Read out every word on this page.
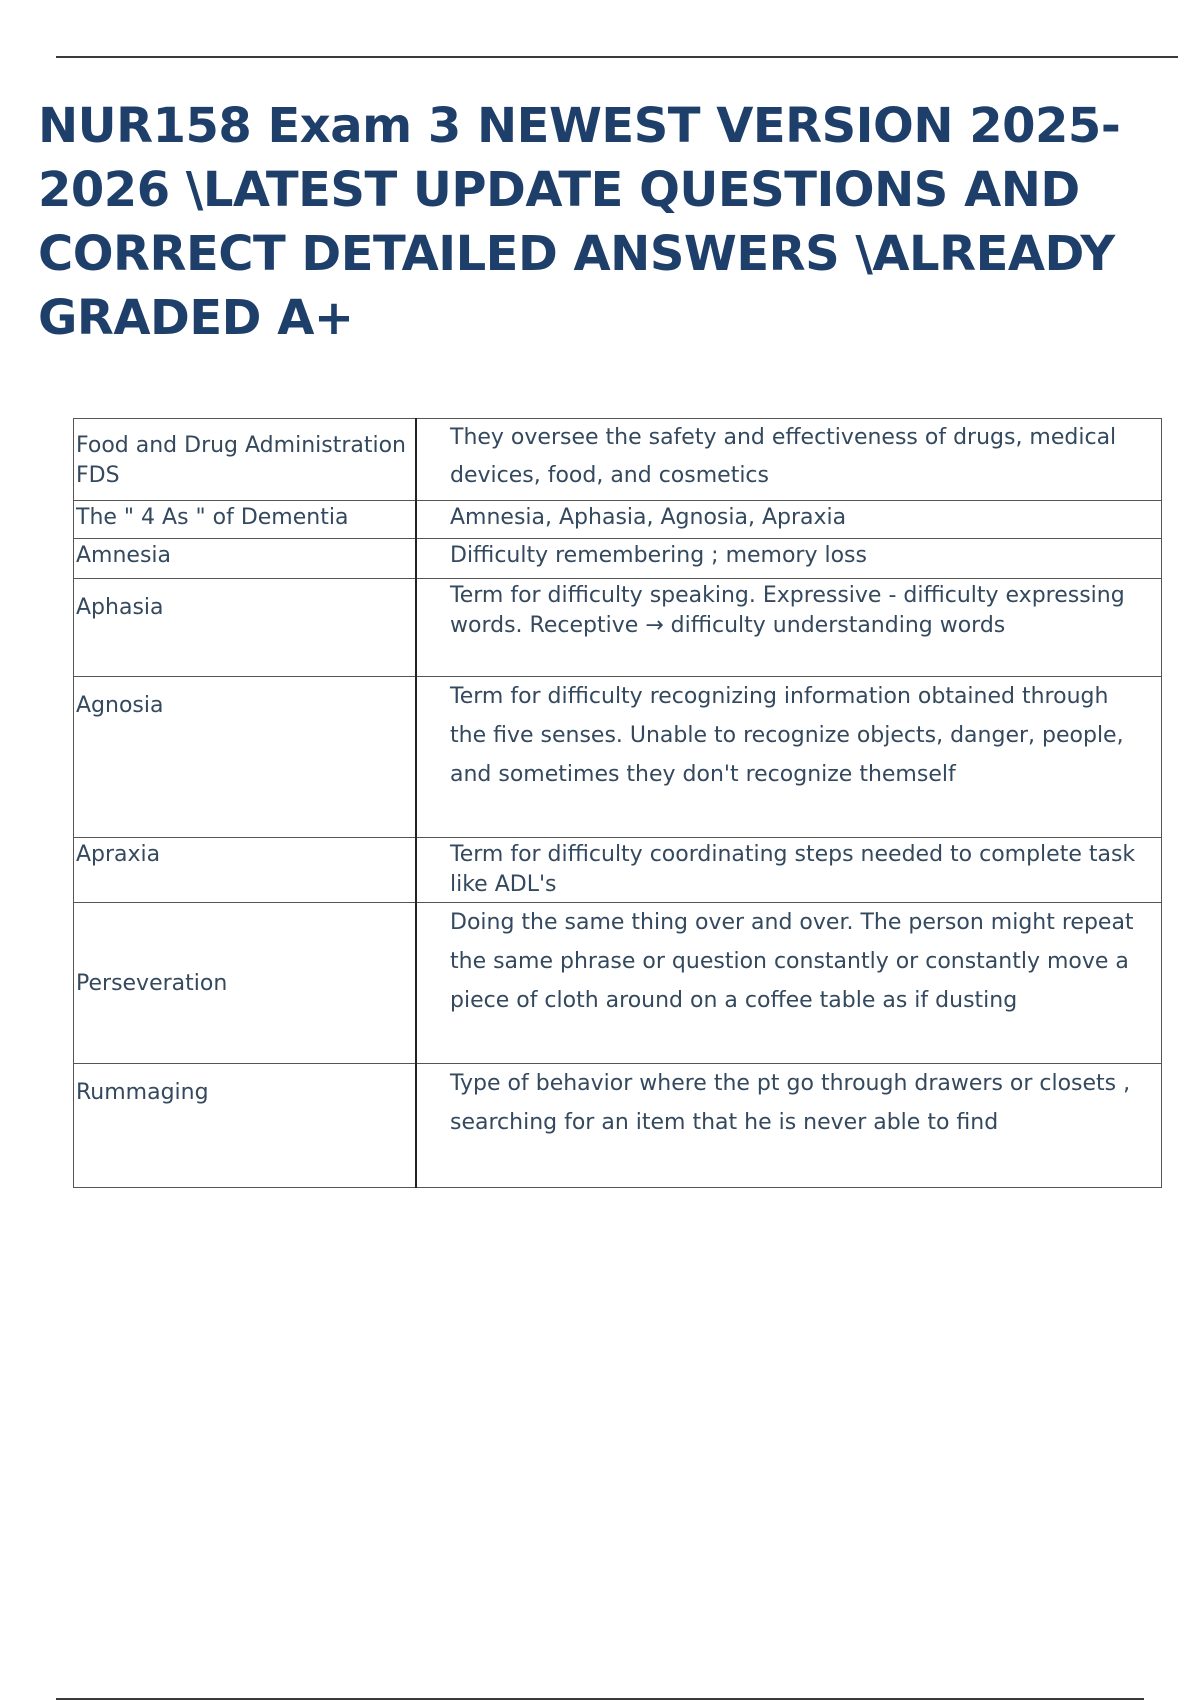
NUR158 Exam 3 NEWEST VERSION 2025-2026 \LATEST UPDATE QUESTIONS AND CORRECT DETAILED ANSWERS \ALREADY GRADED A+
Food and Drug Administration FDS	They oversee the safety and effectiveness of drugs, medical devices, food, and cosmetics

The " 4 As " of Dementia	Amnesia, Aphasia, Agnosia, Apraxia

Amnesia	Difficulty remembering ; memory loss

Aphasia	Term for difficulty speaking. Expressive - difficulty expressing words. Receptive → difficulty understanding words

Agnosia	Term for difficulty recognizing information obtained through the five senses. Unable to recognize objects, danger, people, and sometimes they don't recognize themself

Apraxia	Term for difficulty coordinating steps needed to complete task like ADL's

Perseveration	Doing the same thing over and over. The person might repeat the same phrase or question constantly or constantly move a piece of cloth around on a coffee table as if dusting

Rummaging	Type of behavior where the pt go through drawers or closets , searching for an item that he is never able to find
